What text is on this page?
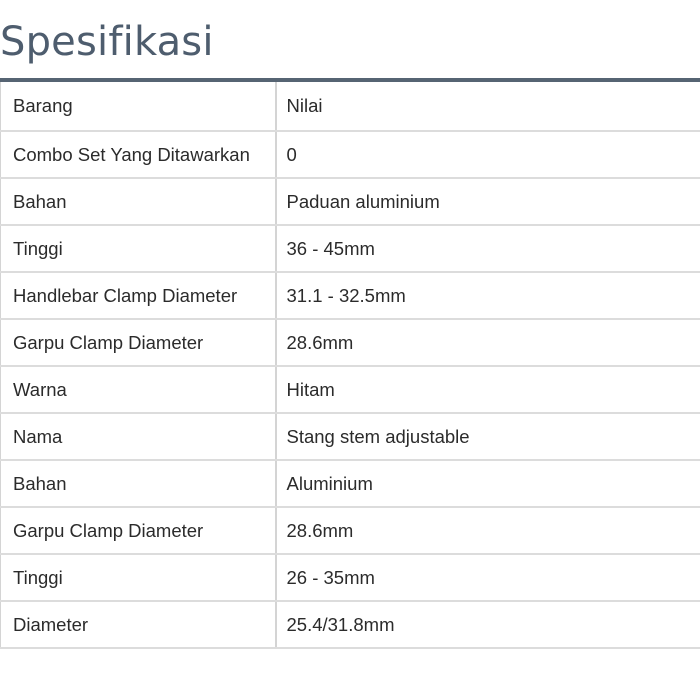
Spesifikasi
Barang	Nilai
Combo Set Yang Ditawarkan	0
Bahan	Paduan aluminium
Tinggi	36 - 45mm
Handlebar Clamp Diameter	31.1 - 32.5mm
Garpu Clamp Diameter	28.6mm
Warna	Hitam
Nama	Stang stem adjustable
Bahan	Aluminium
Garpu Clamp Diameter	28.6mm
Tinggi	26 - 35mm
Diameter	25.4/31.8mm
